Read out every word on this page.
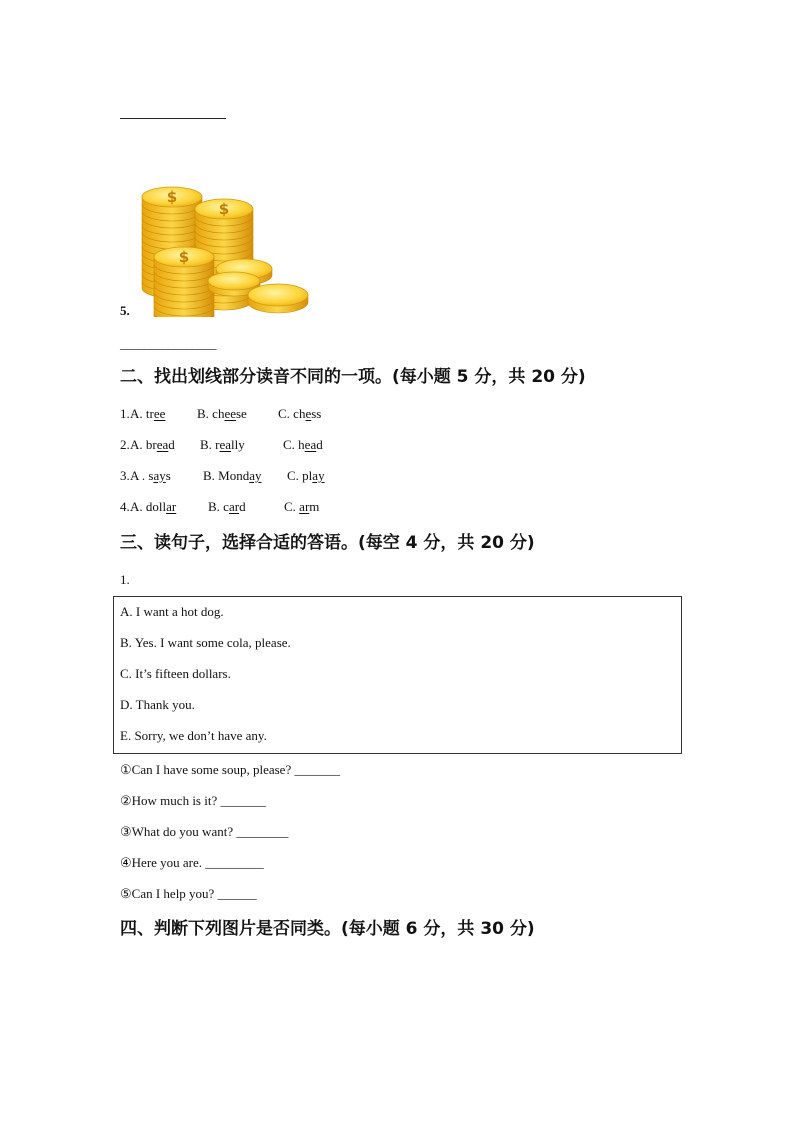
$
$
$
5.
________________
二、找出划线部分读音不同的一项。(每小题 5 分，共 20 分)
1. A. tree B. cheese C. chess
2. A. bread B. really	C. head
3. A . says B. Monday C. play
4. A. dollar B. card	C. arm
三、读句子，选择合适的答语。(每空 4 分，共 20 分)
1.
A. I want a hot dog.
B. Yes. I want some cola, please.
C. It’s fifteen dollars.
D. Thank you.
E. Sorry, we don’t have any.
①Can I have some soup, please? _______
②How much is it? _______
③What do you want? ________
④Here you are. _________
⑤Can I help you? ______
四、判断下列图片是否同类。(每小题 6 分，共 30 分)
